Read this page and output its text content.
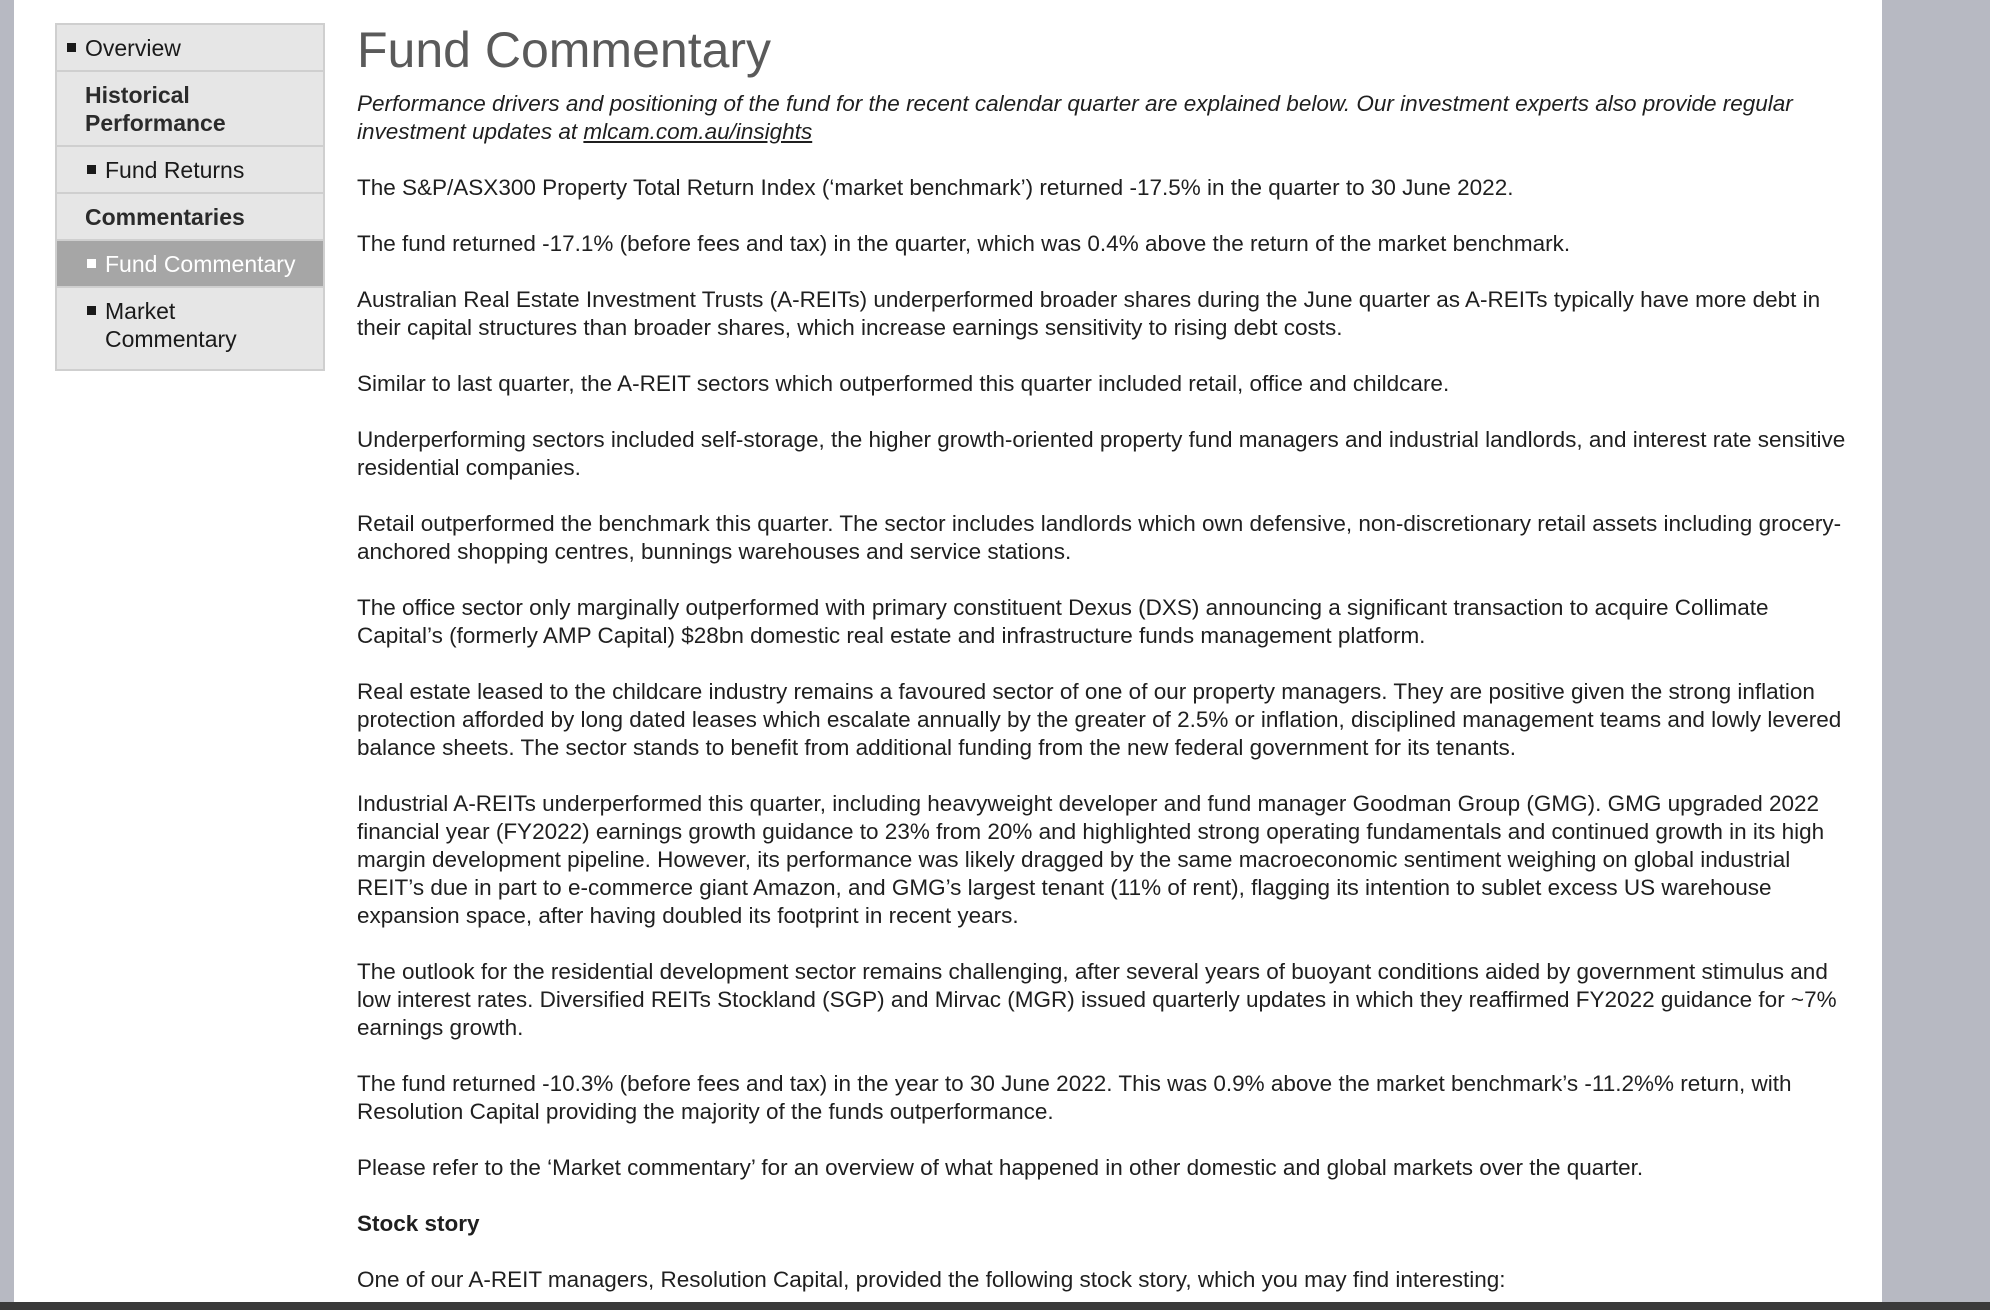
Overview
Historical Performance
Fund Returns
Commentaries
Fund Commentary
Market Commentary
Fund Commentary

Performance drivers and positioning of the fund for the recent calendar quarter are explained below. Our investment experts also provide regular investment updates at mlcam.com.au/insights

The S&P/ASX300 Property Total Return Index (‘market benchmark’) returned -17.5% in the quarter to 30 June 2022.

The fund returned -17.1% (before fees and tax) in the quarter, which was 0.4% above the return of the market benchmark.

Australian Real Estate Investment Trusts (A-REITs) underperformed broader shares during the June quarter as A-REITs typically have more debt in their capital structures than broader shares, which increase earnings sensitivity to rising debt costs.

Similar to last quarter, the A-REIT sectors which outperformed this quarter included retail, office and childcare.

Underperforming sectors included self-storage, the higher growth-oriented property fund managers and industrial landlords, and interest rate sensitive residential companies.

Retail outperformed the benchmark this quarter. The sector includes landlords which own defensive, non-discretionary retail assets including grocery-anchored shopping centres, bunnings warehouses and service stations.

The office sector only marginally outperformed with primary constituent Dexus (DXS) announcing a significant transaction to acquire Collimate Capital’s (formerly AMP Capital) $28bn domestic real estate and infrastructure funds management platform.

Real estate leased to the childcare industry remains a favoured sector of one of our property managers. They are positive given the strong inflation protection afforded by long dated leases which escalate annually by the greater of 2.5% or inflation, disciplined management teams and lowly levered balance sheets. The sector stands to benefit from additional funding from the new federal government for its tenants.

Industrial A-REITs underperformed this quarter, including heavyweight developer and fund manager Goodman Group (GMG). GMG upgraded 2022 financial year (FY2022) earnings growth guidance to 23% from 20% and highlighted strong operating fundamentals and continued growth in its high margin development pipeline. However, its performance was likely dragged by the same macroeconomic sentiment weighing on global industrial REIT’s due in part to e-commerce giant Amazon, and GMG’s largest tenant (11% of rent), flagging its intention to sublet excess US warehouse expansion space, after having doubled its footprint in recent years.

The outlook for the residential development sector remains challenging, after several years of buoyant conditions aided by government stimulus and low interest rates. Diversified REITs Stockland (SGP) and Mirvac (MGR) issued quarterly updates in which they reaffirmed FY2022 guidance for ~7% earnings growth.

The fund returned -10.3% (before fees and tax) in the year to 30 June 2022. This was 0.9% above the market benchmark’s -11.2%% return, with Resolution Capital providing the majority of the funds outperformance.

Please refer to the ‘Market commentary’ for an overview of what happened in other domestic and global markets over the quarter.

Stock story

One of our A-REIT managers, Resolution Capital, provided the following stock story, which you may find interesting:
